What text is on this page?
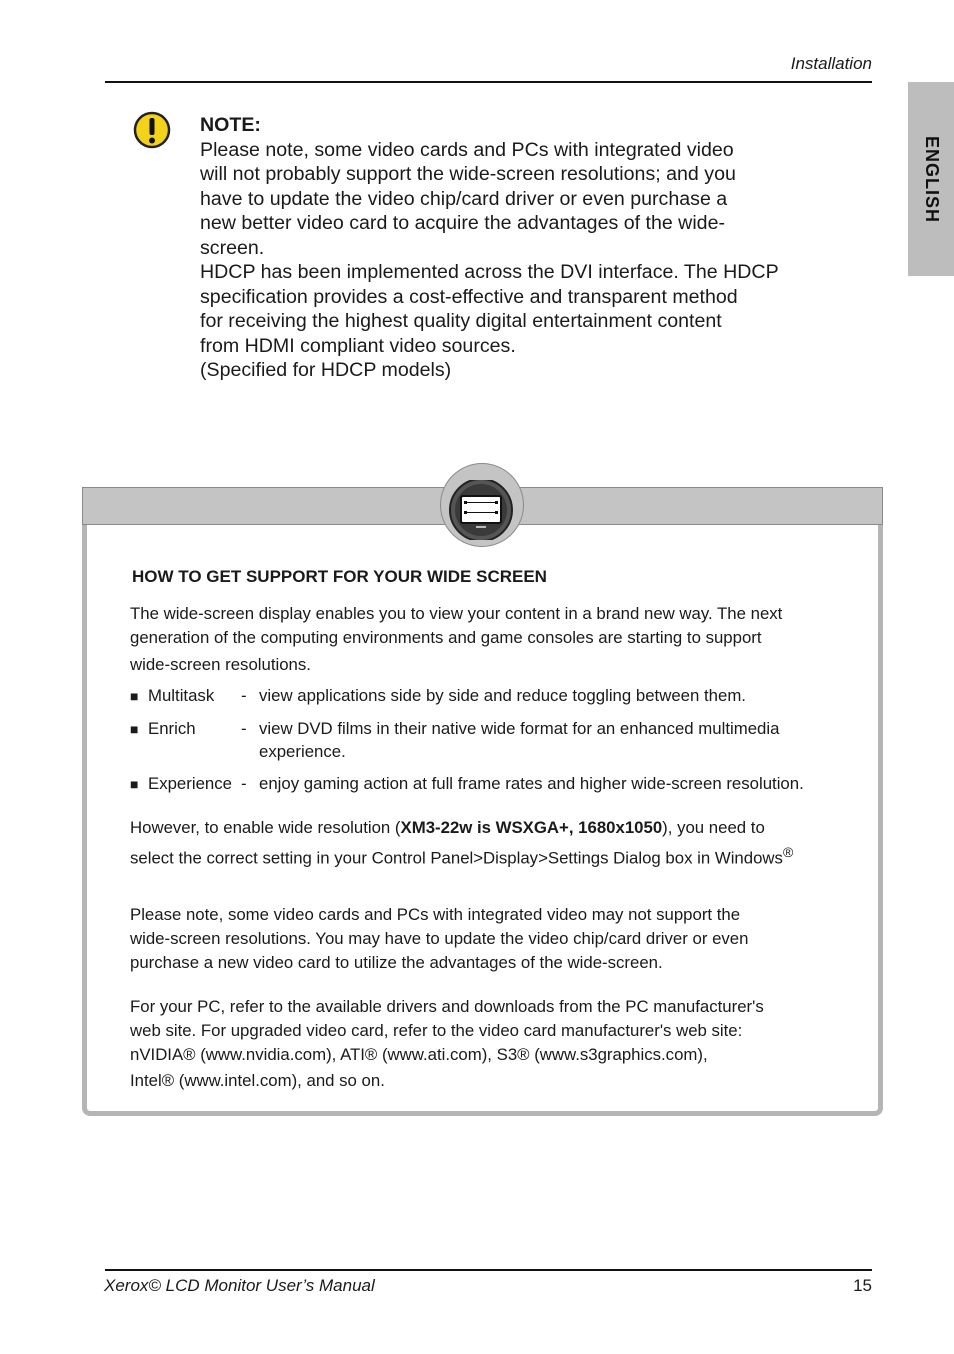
Installation
ENGLISH
NOTE:

Please note, some video cards and PCs with integrated video

will not probably support the wide-screen resolutions; and you

have to update the video chip/card driver or even purchase a

new better video card to acquire the advantages of the wide-

screen.

HDCP has been implemented across the DVI interface. The HDCP

specification provides a cost-effective and transparent method

for receiving the highest quality digital entertainment content

from HDMI compliant video sources.

(Specified for HDCP models)

HOW TO GET SUPPORT FOR YOUR WIDE SCREEN

The wide-screen display enables you to view your content in a brand new way. The next

generation of the computing environments and game consoles are starting to support

wide-screen resolutions.

■ Multitask	- view applications side by side and reduce toggling between them.
■ Enrich	- view DVD films in their native wide format for an enhanced multimedia experience.
■ Experience - enjoy gaming action at full frame rates and higher wide-screen resolution.

However, to enable wide resolution (XM3-22w is WSXGA+, 1680x1050), you need to

select the correct setting in your Control Panel>Display>Settings Dialog box in Windows®

Please note, some video cards and PCs with integrated video may not support the

wide-screen resolutions. You may have to update the video chip/card driver or even

purchase a new video card to utilize the advantages of the wide-screen.

For your PC, refer to the available drivers and downloads from the PC manufacturer's

web site. For upgraded video card, refer to the video card manufacturer's web site:

nVIDIA® (www.nvidia.com), ATI® (www.ati.com), S3® (www.s3graphics.com),

Intel® (www.intel.com), and so on.

Xerox© LCD Monitor User’s Manual	15
